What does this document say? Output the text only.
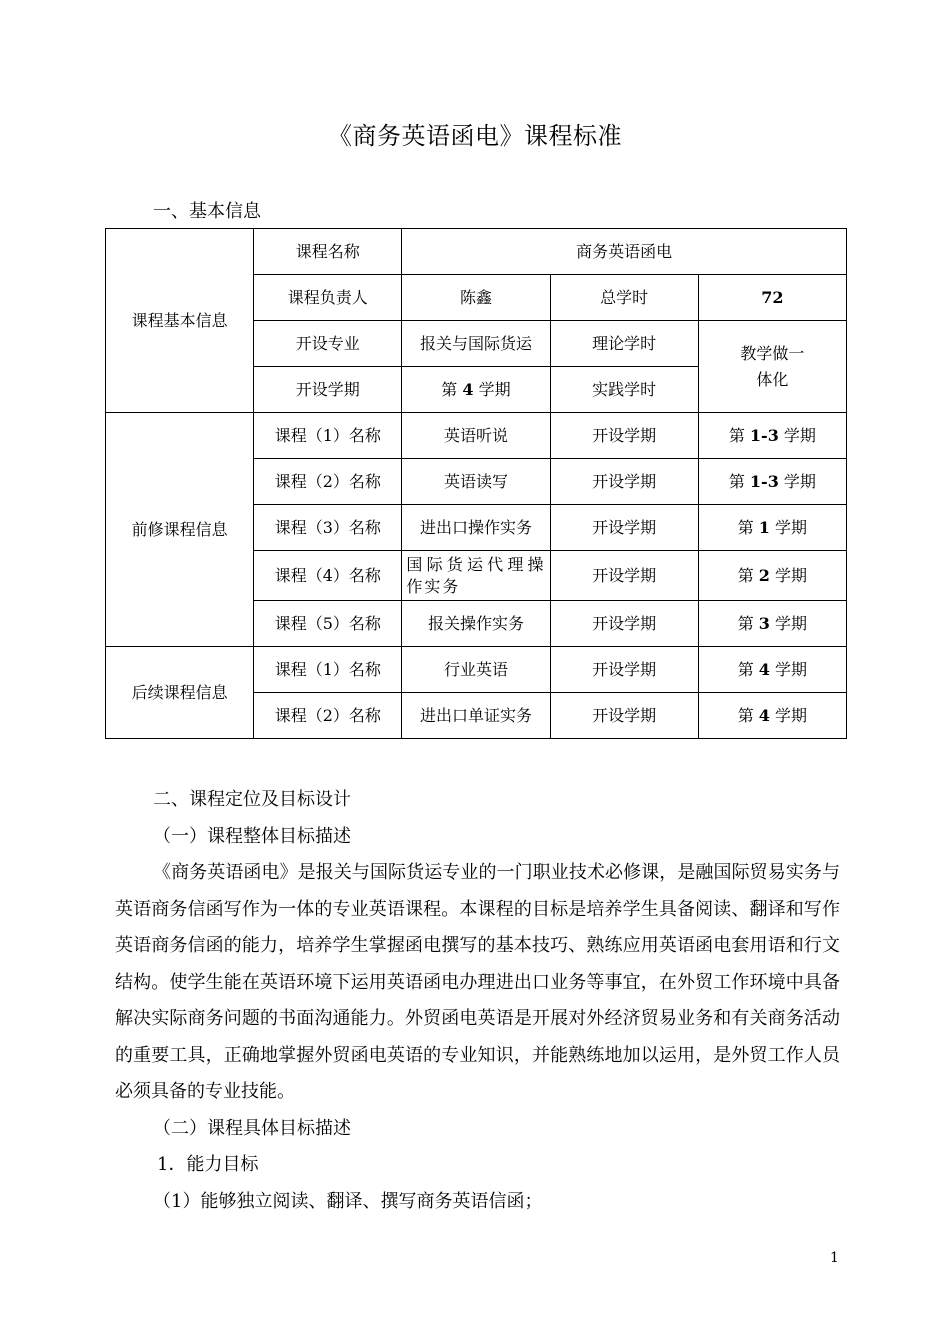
《商务英语函电》课程标准
一、基本信息
课程基本信息	课程名称	商务英语函电		
	课程负责人	陈鑫	总学时	72
	开设专业	报关与国际货运	理论学时	教学做一体化
	开设学期	第 4 学期	实践学时	
前修课程信息	课程（1）名称	英语听说	开设学期	第 1-3 学期
	课程（2）名称	英语读写	开设学期	第 1-3 学期
	课程（3）名称	进出口操作实务	开设学期	第 1 学期
	课程（4）名称	国际货运代理操作实务	开设学期	第 2 学期
	课程（5）名称	报关操作实务	开设学期	第 3 学期
后续课程信息	课程（1）名称	行业英语	开设学期	第 4 学期
	课程（2）名称	进出口单证实务	开设学期	第 4 学期

二、课程定位及目标设计

（一）课程整体目标描述

《商务英语函电》是报关与国际货运专业的一门职业技术必修课，是融国际贸易实务与英语商务信函写作为一体的专业英语课程。本课程的目标是培养学生具备阅读、翻译和写作英语商务信函的能力，培养学生掌握函电撰写的基本技巧、熟练应用英语函电套用语和行文结构。使学生能在英语环境下运用英语函电办理进出口业务等事宜，在外贸工作环境中具备解决实际商务问题的书面沟通能力。外贸函电英语是开展对外经济贸易业务和有关商务活动的重要工具，正确地掌握外贸函电英语的专业知识，并能熟练地加以运用，是外贸工作人员必须具备的专业技能。

（二）课程具体目标描述

1．能力目标

（1）能够独立阅读、翻译、撰写商务英语信函；

1
